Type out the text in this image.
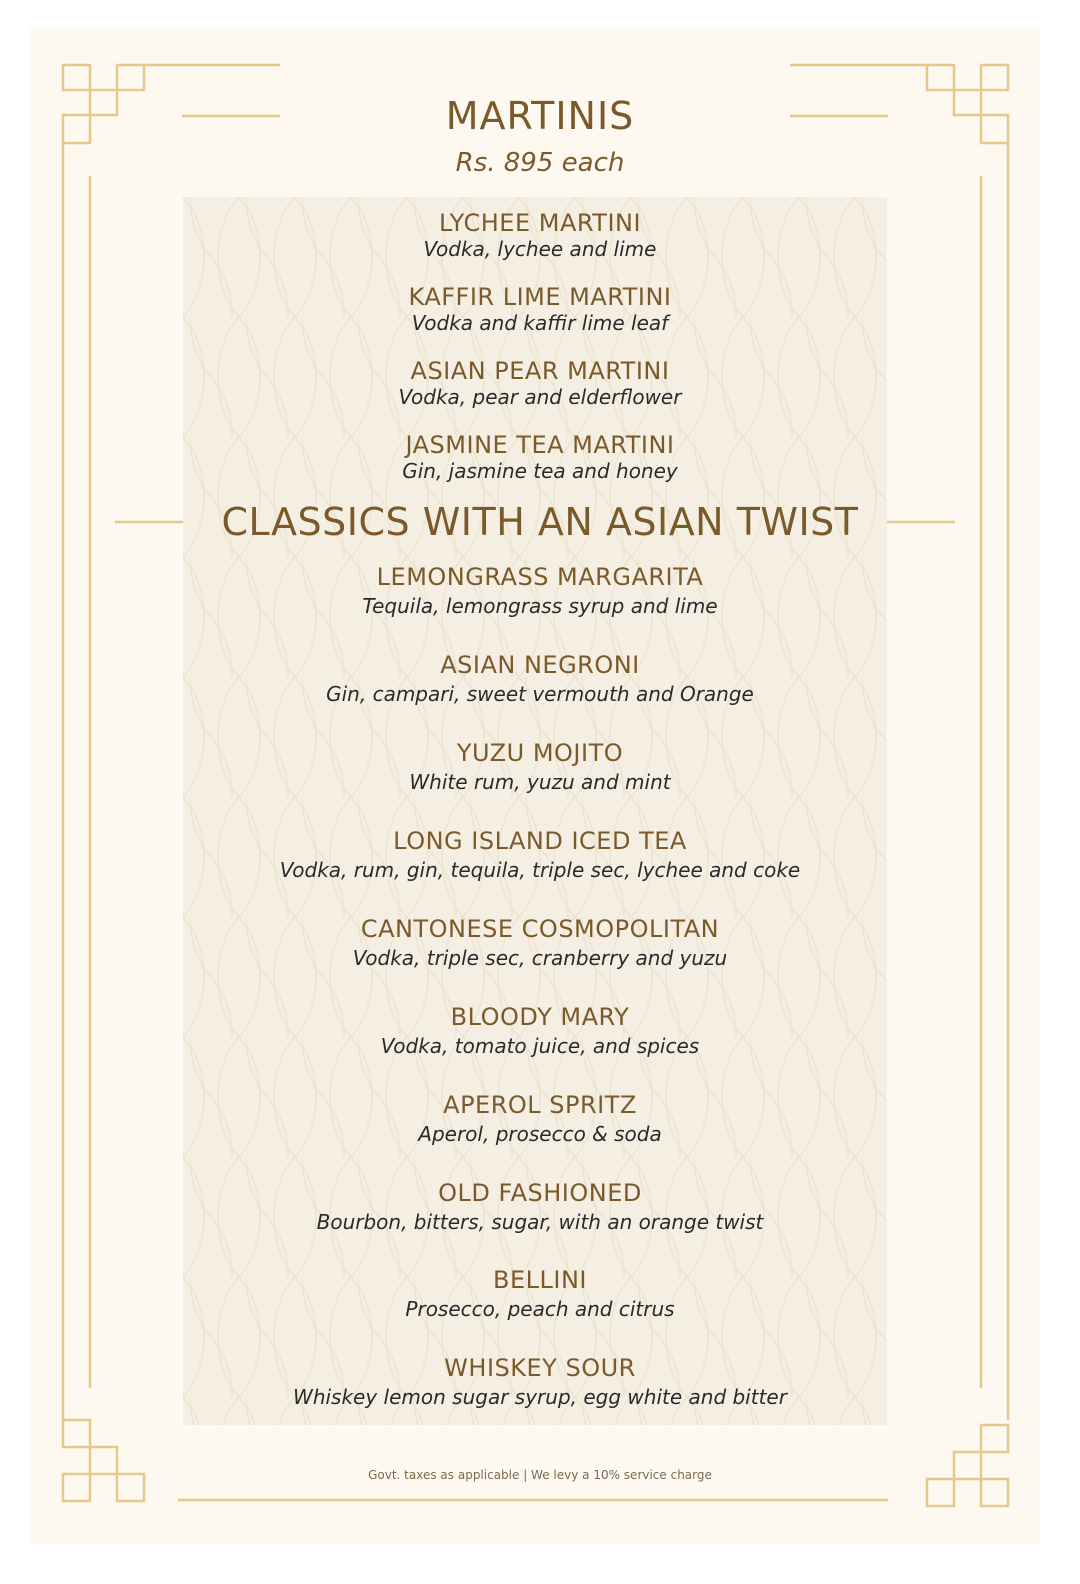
MARTINIS
Rs. 895 each
LYCHEE MARTINI
Vodka, lychee and lime
KAFFIR LIME MARTINI
Vodka and kaffir lime leaf
ASIAN PEAR MARTINI
Vodka, pear and elderflower
JASMINE TEA MARTINI
Gin, jasmine tea and honey
CLASSICS WITH AN ASIAN TWIST
LEMONGRASS MARGARITA
Tequila, lemongrass syrup and lime
ASIAN NEGRONI
Gin, campari, sweet vermouth and Orange
YUZU MOJITO
White rum, yuzu and mint
LONG ISLAND ICED TEA
Vodka, rum, gin, tequila, triple sec, lychee and coke
CANTONESE COSMOPOLITAN
Vodka, triple sec, cranberry and yuzu
BLOODY MARY
Vodka, tomato juice, and spices
APEROL SPRITZ
Aperol, prosecco & soda
OLD FASHIONED
Bourbon, bitters, sugar, with an orange twist
BELLINI
Prosecco, peach and citrus
WHISKEY SOUR
Whiskey lemon sugar syrup, egg white and bitter
Govt. taxes as applicable | We levy a 10% service charge
